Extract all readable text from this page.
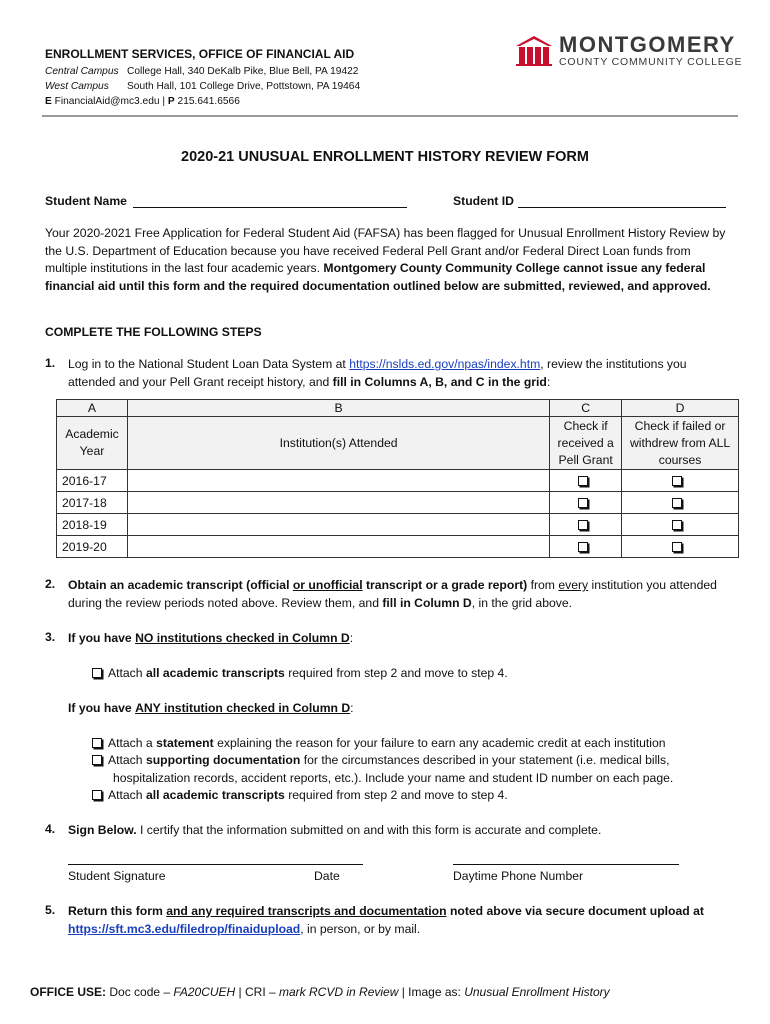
ENROLLMENT SERVICES, OFFICE OF FINANCIAL AID
Central Campus College Hall, 340 DeKalb Pike, Blue Bell, PA 19422
West Campus South Hall, 101 College Drive, Pottstown, PA 19464
E FinancialAid@mc3.edu | P 215.641.6566
MONTGOMERY
COUNTY COMMUNITY COLLEGE
2020-21 UNUSUAL ENROLLMENT HISTORY REVIEW FORM
Student Name	Student ID
Your 2020-2021 Free Application for Federal Student Aid (FAFSA) has been flagged for Unusual Enrollment History Review by the U.S. Department of Education because you have received Federal Pell Grant and/or Federal Direct Loan funds from multiple institutions in the last four academic years. Montgomery County Community College cannot issue any federal financial aid until this form and the required documentation outlined below are submitted, reviewed, and approved.
COMPLETE THE FOLLOWING STEPS
1. Log in to the National Student Loan Data System at https://nslds.ed.gov/npas/index.htm, review the institutions you attended and your Pell Grant receipt history, and fill in Columns A, B, and C in the grid:
A	B	C	D
Academic Year	Institution(s) Attended	Check if received a Pell Grant	Check if failed or withdrew from ALL courses
2016-17			
2017-18			
2018-19			
2019-20			
2. Obtain an academic transcript (official or unofficial transcript or a grade report) from every institution you attended during the review periods noted above. Review them, and fill in Column D, in the grid above.
3. If you have NO institutions checked in Column D:
Attach all academic transcripts required from step 2 and move to step 4.
If you have ANY institution checked in Column D:
Attach a statement explaining the reason for your failure to earn any academic credit at each institution
Attach supporting documentation for the circumstances described in your statement (i.e. medical bills, hospitalization records, accident reports, etc.). Include your name and student ID number on each page.
Attach all academic transcripts required from step 2 and move to step 4.
4. Sign Below. I certify that the information submitted on and with this form is accurate and complete.
Student Signature	Date	Daytime Phone Number
5. Return this form and any required transcripts and documentation noted above via secure document upload at https://sft.mc3.edu/filedrop/finaidupload, in person, or by mail.
OFFICE USE: Doc code – FA20CUEH | CRI – mark RCVD in Review | Image as: Unusual Enrollment History
